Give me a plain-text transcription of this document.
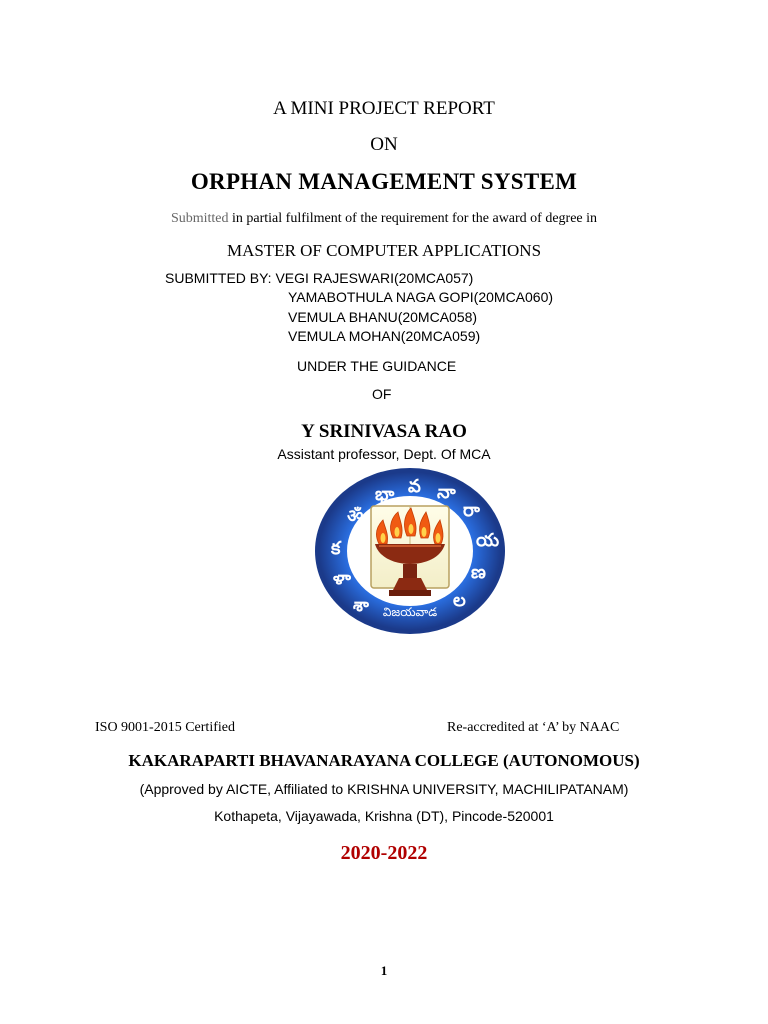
A MINI PROJECT REPORT
ON
ORPHAN MANAGEMENT SYSTEM
Submitted in partial fulfilment of the requirement for the award of degree in
MASTER OF COMPUTER APPLICATIONS
SUBMITTED BY: VEGI RAJESWARI(20MCA057)
YAMABOTHULA NAGA GOPI(20MCA060)
VEMULA BHANU(20MCA058)
VEMULA MOHAN(20MCA059)
UNDER THE GUIDANCE
OF
Y SRINIVASA RAO
Assistant professor, Dept. Of MCA
ॐ
భా వ నా
రా
య
ణ
క
ళా
శా	ల
విజయవాడ
ISO 9001-2015 Certified	Re-accredited at ‘A’ by NAAC
KAKARAPARTI BHAVANARAYANA COLLEGE (AUTONOMOUS)
(Approved by AICTE, Affiliated to KRISHNA UNIVERSITY, MACHILIPATANAM)
Kothapeta, Vijayawada, Krishna (DT), Pincode-520001
2020-2022
1
